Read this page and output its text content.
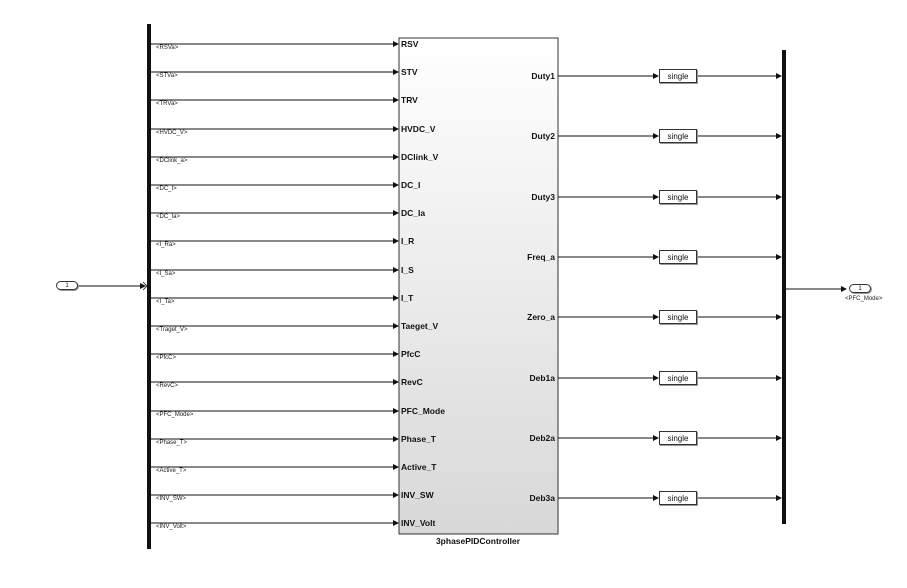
1	1
<PFC_Mode>
3phasePIDController
<RSVa>	RSV
<STVa>	STV
<TRVa>	TRV
<HVDC_V>	HVDC_V
<DClink_a>	DClink_V
<DC_I>	DC_I
<DC_Ia>	DC_Ia
<I_Ra>	I_R
<I_Sa>	I_S
<I_Ta>	I_T
<Traget_V>	Taeget_V
<PfcC>	PfcC
<RevC>	RevC
<PFC_Mode>	PFC_Mode
<Phase_T>	Phase_T
<Active_T>	Active_T
<INV_SW>	INV_SW
<INV_Volt>	INV_Volt
Duty1	single
Duty2	single
Duty3	single
Freq_a	single
Zero_a	single
Deb1a	single
Deb2a	single
Deb3a	single
